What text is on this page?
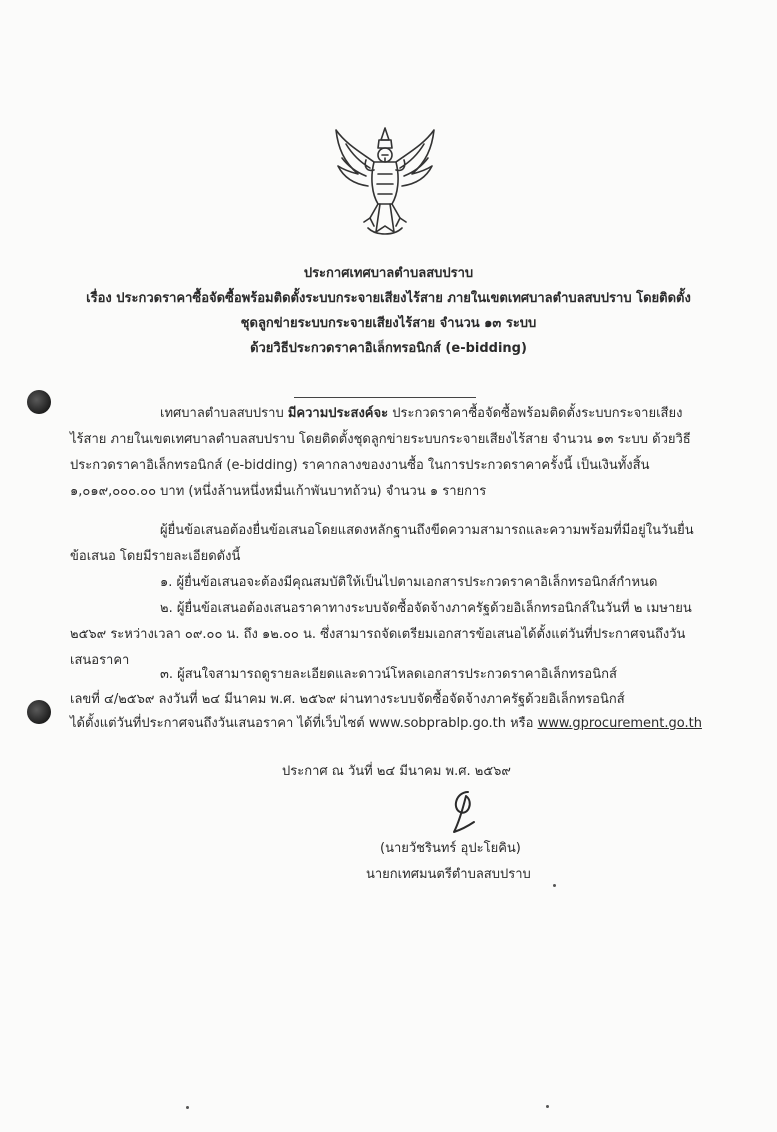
ประกาศเทศบาลตำบลสบปราบ
เรื่อง ประกวดราคาซื้อจัดซื้อพร้อมติดตั้งระบบกระจายเสียงไร้สาย ภายในเขตเทศบาลตำบลสบปราบ โดยติดตั้ง
ชุดลูกข่ายระบบกระจายเสียงไร้สาย จำนวน ๑๓ ระบบ
ด้วยวิธีประกวดราคาอิเล็กทรอนิกส์ (e-bidding)
เทศบาลตำบลสบปราบ มีความประสงค์จะ ประกวดราคาซื้อจัดซื้อพร้อมติดตั้งระบบกระจายเสียง
ไร้สาย ภายในเขตเทศบาลตำบลสบปราบ โดยติดตั้งชุดลูกข่ายระบบกระจายเสียงไร้สาย จำนวน ๑๓ ระบบ ด้วยวิธี
ประกวดราคาอิเล็กทรอนิกส์ (e-bidding) ราคากลางของงานซื้อ ในการประกวดราคาครั้งนี้ เป็นเงินทั้งสิ้น
๑,๐๑๙,๐๐๐.๐๐ บาท (หนึ่งล้านหนึ่งหมื่นเก้าพันบาทถ้วน) จำนวน ๑ รายการ
ผู้ยื่นข้อเสนอต้องยื่นข้อเสนอโดยแสดงหลักฐานถึงขีดความสามารถและความพร้อมที่มีอยู่ในวันยื่น
ข้อเสนอ โดยมีรายละเอียดดังนี้
๑. ผู้ยื่นข้อเสนอจะต้องมีคุณสมบัติให้เป็นไปตามเอกสารประกวดราคาอิเล็กทรอนิกส์กำหนด
๒. ผู้ยื่นข้อเสนอต้องเสนอราคาทางระบบจัดซื้อจัดจ้างภาครัฐด้วยอิเล็กทรอนิกส์ในวันที่ ๒ เมษายน
๒๕๖๙ ระหว่างเวลา ๐๙.๐๐ น. ถึง ๑๒.๐๐ น. ซึ่งสามารถจัดเตรียมเอกสารข้อเสนอได้ตั้งแต่วันที่ประกาศจนถึงวัน
เสนอราคา
๓. ผู้สนใจสามารถดูรายละเอียดและดาวน์โหลดเอกสารประกวดราคาอิเล็กทรอนิกส์
เลขที่ ๔/๒๕๖๙ ลงวันที่ ๒๔ มีนาคม พ.ศ. ๒๕๖๙ ผ่านทางระบบจัดซื้อจัดจ้างภาครัฐด้วยอิเล็กทรอนิกส์
ได้ตั้งแต่วันที่ประกาศจนถึงวันเสนอราคา ได้ที่เว็บไซต์ www.sobprablp.go.th หรือ www.gprocurement.go.th
ประกาศ ณ วันที่ ๒๔ มีนาคม พ.ศ. ๒๕๖๙
(นายวัชรินทร์ อุปะโยคิน)
นายกเทศมนตรีตำบลสบปราบ
